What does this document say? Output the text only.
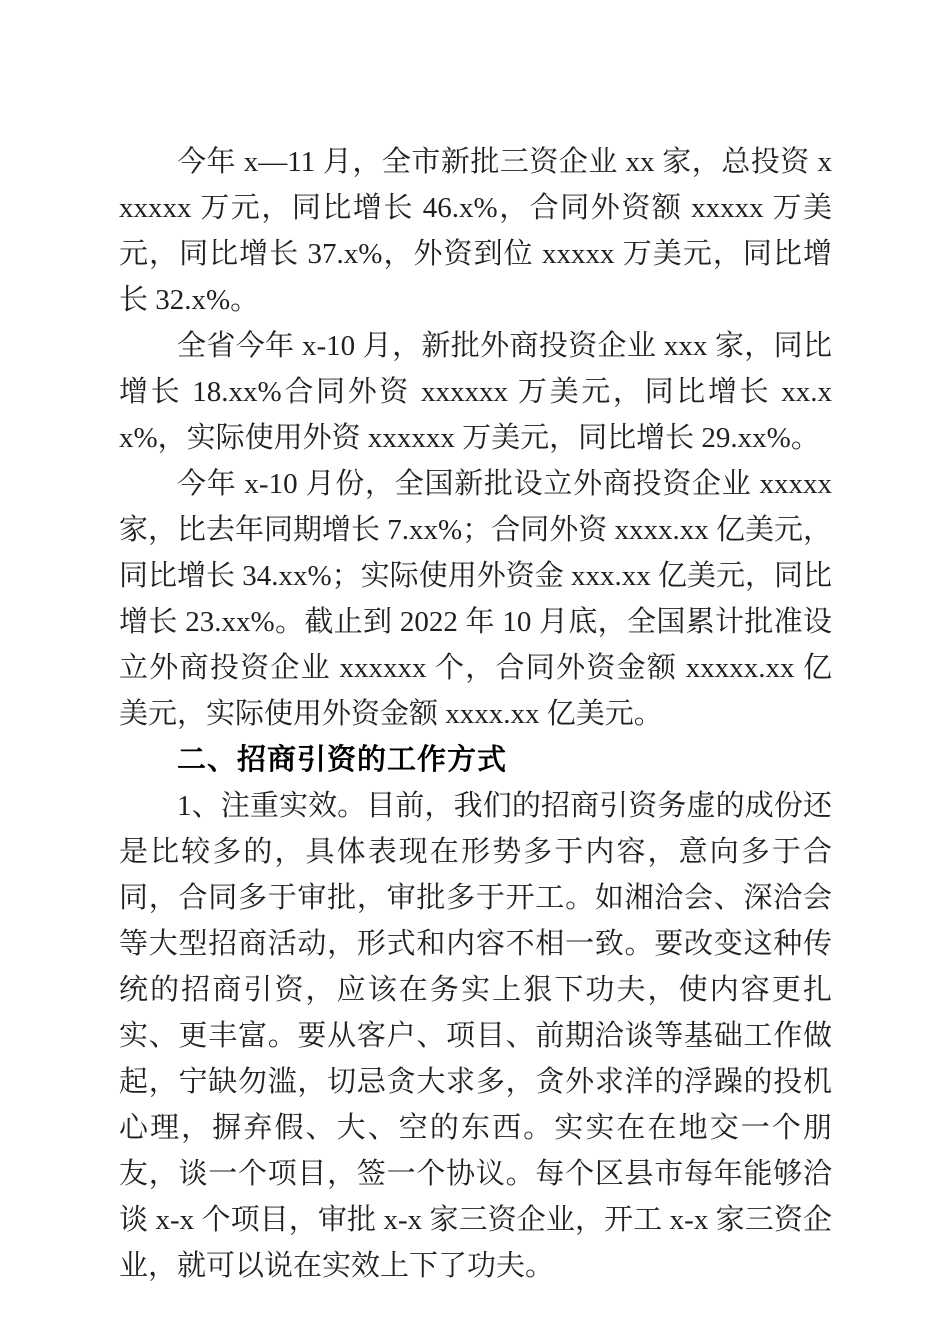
今年 x—11 月，全市新批三资企业 xx 家，总投资 xxxxxx 万元，同比增长 46.x%，合同外资额 xxxxx 万美元，同比增长 37.x%，外资到位 xxxxx 万美元，同比增长 32.x%。

全省今年 x-10 月，新批外商投资企业 xxx 家，同比增长 18.xx%合同外资 xxxxxx 万美元，同比增长 xx.xx%，实际使用外资 xxxxxx 万美元，同比增长 29.xx%。

今年 x-10 月份，全国新批设立外商投资企业 xxxxx 家，比去年同期增长 7.xx%；合同外资 xxxx.xx 亿美元，同比增长 34.xx%；实际使用外资金 xxx.xx 亿美元，同比增长 23.xx%。截止到 2022 年 10 月底，全国累计批准设立外商投资企业 xxxxxx 个，合同外资金额 xxxxx.xx 亿美元，实际使用外资金额 xxxx.xx 亿美元。

二、招商引资的工作方式

1、注重实效。目前，我们的招商引资务虚的成份还是比较多的，具体表现在形势多于内容，意向多于合同，合同多于审批，审批多于开工。如湘洽会、深洽会等大型招商活动，形式和内容不相一致。要改变这种传统的招商引资，应该在务实上狠下功夫，使内容更扎实、更丰富。要从客户、项目、前期洽谈等基础工作做起，宁缺勿滥，切忌贪大求多，贪外求洋的浮躁的投机心理，摒弃假、大、空的东西。实实在在地交一个朋友，谈一个项目，签一个协议。每个区县市每年能够洽谈 x-x 个项目，审批 x-x 家三资企业，开工 x-x 家三资企业，就可以说在实效上下了功夫。
